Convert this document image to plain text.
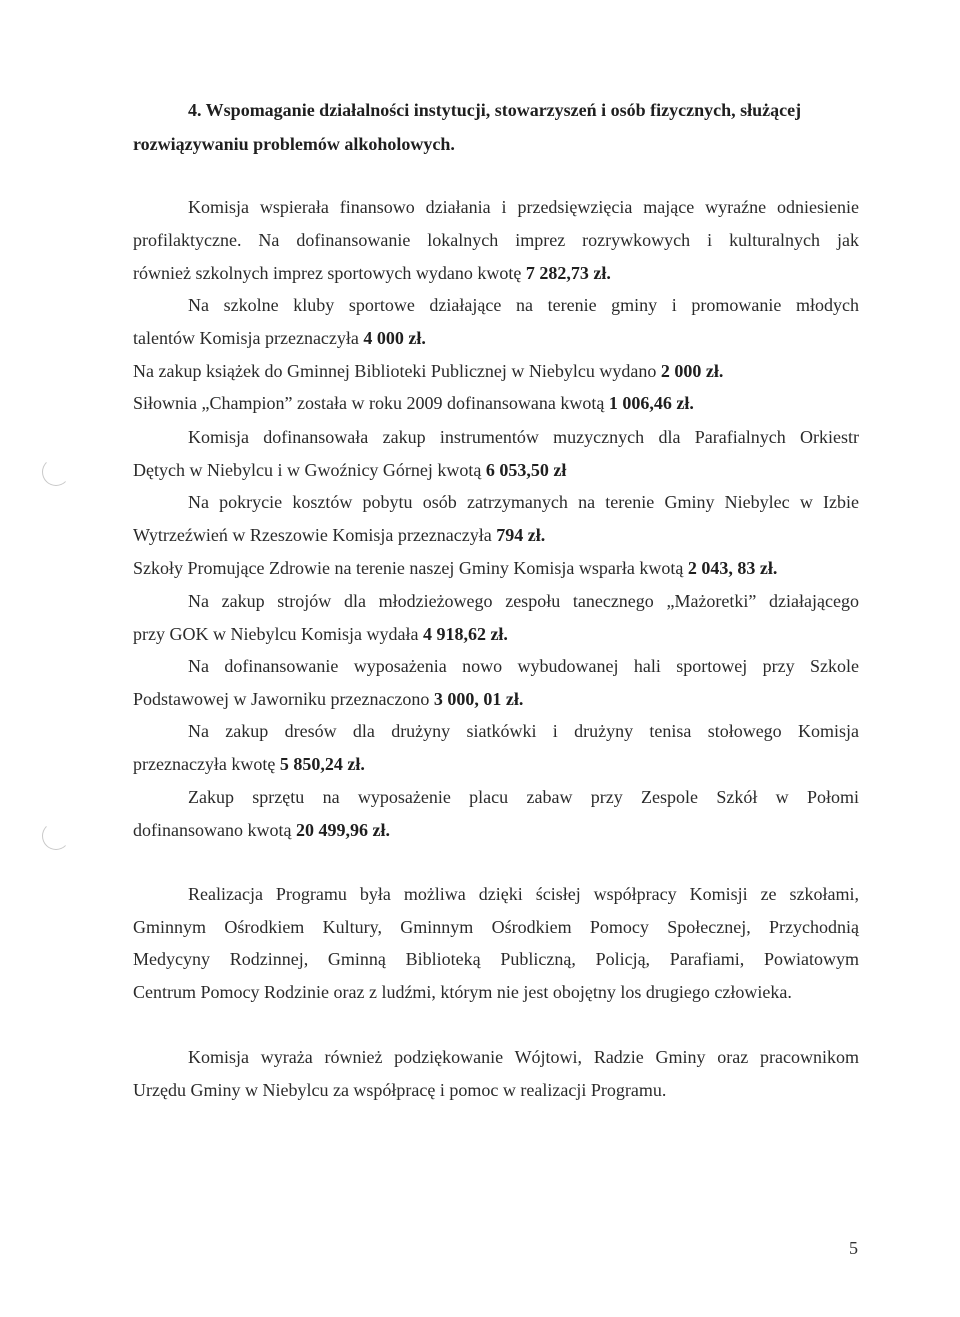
4. Wspomaganie działalności instytucji, stowarzyszeń i osób fizycznych, służącej
rozwiązywaniu problemów alkoholowych.
Komisja wspierała finansowo działania i przedsięwzięcia mające wyraźne odniesienie
profilaktyczne. Na dofinansowanie lokalnych imprez rozrywkowych i kulturalnych jak
również szkolnych imprez sportowych wydano kwotę 7 282,73 zł.
Na szkolne kluby sportowe działające na terenie gminy i promowanie młodych
talentów Komisja przeznaczyła 4 000 zł.
Na zakup książek do Gminnej Biblioteki Publicznej w Niebylcu wydano 2 000 zł.
Siłownia „Champion” została w roku 2009 dofinansowana kwotą 1 006,46 zł.
Komisja dofinansowała zakup instrumentów muzycznych dla Parafialnych Orkiestr
Dętych w Niebylcu i w Gwoźnicy Górnej kwotą 6 053,50 zł
Na pokrycie kosztów pobytu osób zatrzymanych na terenie Gminy Niebylec w Izbie
Wytrzeźwień w Rzeszowie Komisja przeznaczyła 794 zł.
Szkoły Promujące Zdrowie na terenie naszej Gminy Komisja wsparła kwotą 2 043, 83 zł.
Na zakup strojów dla młodzieżowego zespołu tanecznego „Mażoretki” działającego
przy GOK w Niebylcu Komisja wydała 4 918,62 zł.
Na dofinansowanie wyposażenia nowo wybudowanej hali sportowej przy Szkole
Podstawowej w Jaworniku przeznaczono 3 000, 01 zł.
Na zakup dresów dla drużyny siatkówki i drużyny tenisa stołowego Komisja
przeznaczyła kwotę 5 850,24 zł.
Zakup sprzętu na wyposażenie placu zabaw przy Zespole Szkół w Połomi
dofinansowano kwotą 20 499,96 zł.
Realizacja Programu była możliwa dzięki ścisłej współpracy Komisji ze szkołami,
Gminnym Ośrodkiem Kultury, Gminnym Ośrodkiem Pomocy Społecznej, Przychodnią
Medycyny Rodzinnej, Gminną Biblioteką Publiczną, Policją, Parafiami, Powiatowym
Centrum Pomocy Rodzinie oraz z ludźmi, którym nie jest obojętny los drugiego człowieka.
Komisja wyraża również podziękowanie Wójtowi, Radzie Gminy oraz pracownikom
Urzędu Gminy w Niebylcu za współpracę i pomoc w realizacji Programu.
5
